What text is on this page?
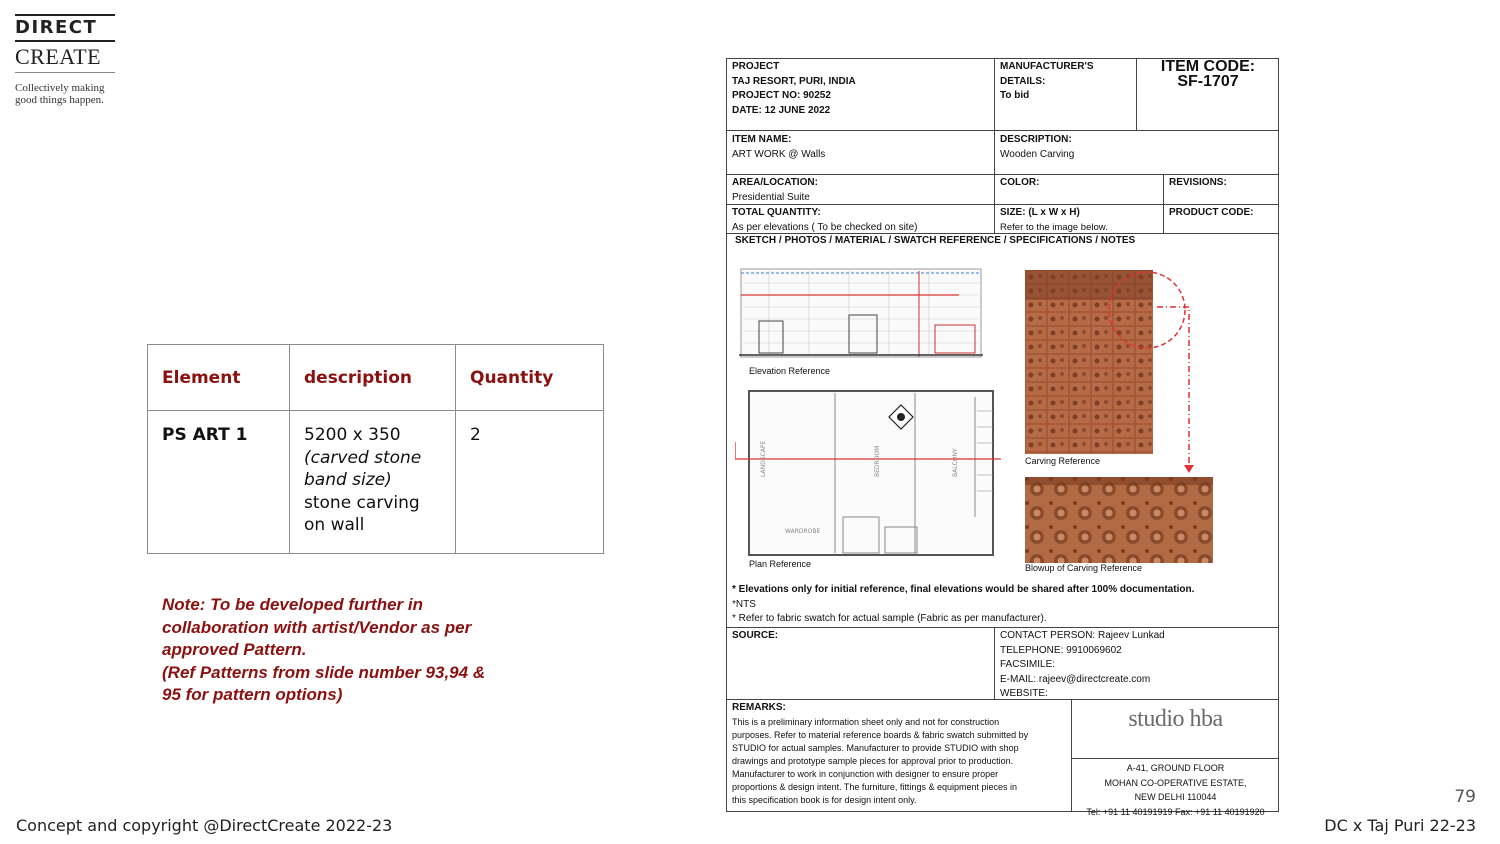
DIRECT
CREATE
Collectively making
good things happen.
Element	description	Quantity
PS ART 1	5200 x 350
(carved stone
band size)
stone carving
on wall	2
Note: To be developed further in
collaboration with artist/Vendor as per
approved Pattern.
(Ref Patterns from slide number 93,94 &
95 for pattern options)
PROJECT
TAJ RESORT, PURI, INDIA
PROJECT NO: 90252
DATE: 12 JUNE 2022
MANUFACTURER'S
DETAILS:
To bid
ITEM CODE:
SF-1707
ITEM NAME:
ART WORK @ Walls
DESCRIPTION:
Wooden Carving
AREA/LOCATION:
Presidential Suite
COLOR:	REVISIONS:
TOTAL QUANTITY:
As per elevations ( To be checked on site)
SIZE: (L x W x H)
Refer to the image below.
PRODUCT CODE:
SKETCH / PHOTOS / MATERIAL / SWATCH REFERENCE / SPECIFICATIONS / NOTES
Elevation Reference
LANDSCAPE	BEDROOM	BALCONY
WARDROBE
Plan Reference
Carving Reference
Blowup of Carving Reference
* Elevations only for initial reference, final elevations would be shared after 100% documentation.
*NTS
* Refer to fabric swatch for actual sample (Fabric as per manufacturer).
SOURCE:	CONTACT PERSON: Rajeev Lunkad
TELEPHONE: 9910069602
FACSIMILE:
E-MAIL: rajeev@directcreate.com
WEBSITE:
REMARKS:
This is a preliminary information sheet only and not for construction
purposes. Refer to material reference boards & fabric swatch submitted by
STUDIO for actual samples. Manufacturer to provide STUDIO with shop
drawings and prototype sample pieces for approval prior to production.
Manufacturer to work in conjunction with designer to ensure proper
proportions & design intent. The furniture, fittings & equipment pieces in
this specification book is for design intent only.
studio hba
A-41, GROUND FLOOR
MOHAN CO-OPERATIVE ESTATE,
NEW DELHI 110044
Tel: +91 11 40191919 Fax: +91 11 40191920
79
Concept and copyright @DirectCreate 2022-23	DC x Taj Puri 22-23
